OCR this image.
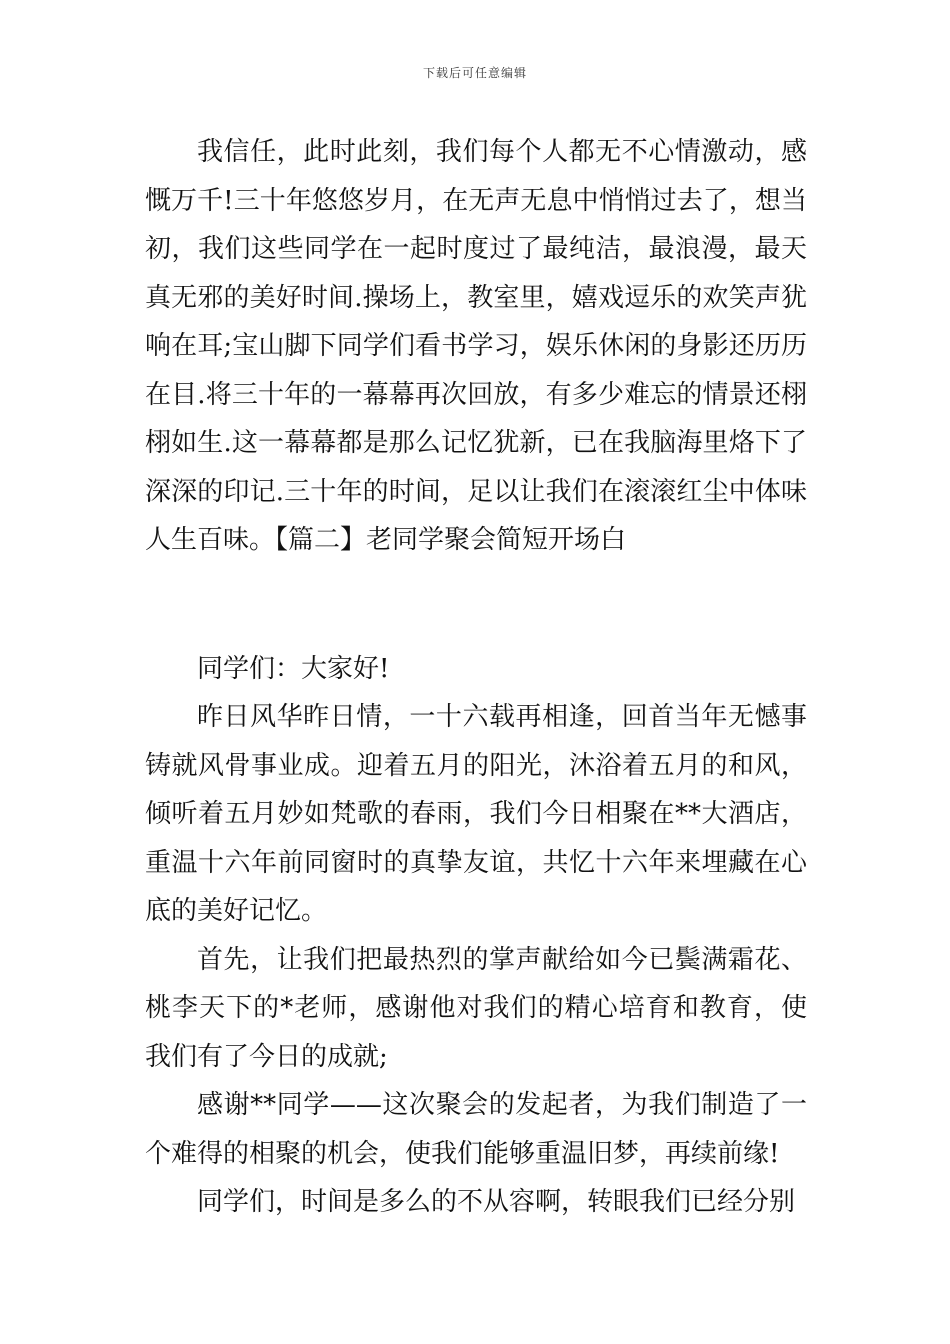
下载后可任意编辑

我信任，此时此刻，我们每个人都无不心情激动，感慨万千!三十年悠悠岁月，在无声无息中悄悄过去了，想当初，我们这些同学在一起时度过了最纯洁，最浪漫，最天真无邪的美好时间.操场上，教室里，嬉戏逗乐的欢笑声犹响在耳;宝山脚下同学们看书学习，娱乐休闲的身影还历历在目.将三十年的一幕幕再次回放，有多少难忘的情景还栩栩如生.这一幕幕都是那么记忆犹新，已在我脑海里烙下了深深的印记.三十年的时间，足以让我们在滚滚红尘中体味人生百味。【篇二】老同学聚会简短开场白

同学们：大家好!

昨日风华昨日情，一十六载再相逢，回首当年无憾事铸就风骨事业成。迎着五月的阳光，沐浴着五月的和风，倾听着五月妙如梵歌的春雨，我们今日相聚在**大酒店，重温十六年前同窗时的真挚友谊，共忆十六年来埋藏在心底的美好记忆。

首先，让我们把最热烈的掌声献给如今已鬓满霜花、桃李天下的*老师，感谢他对我们的精心培育和教育，使我们有了今日的成就;

感谢**同学——这次聚会的发起者，为我们制造了一个难得的相聚的机会，使我们能够重温旧梦，再续前缘!

同学们，时间是多么的不从容啊，转眼我们已经分别
